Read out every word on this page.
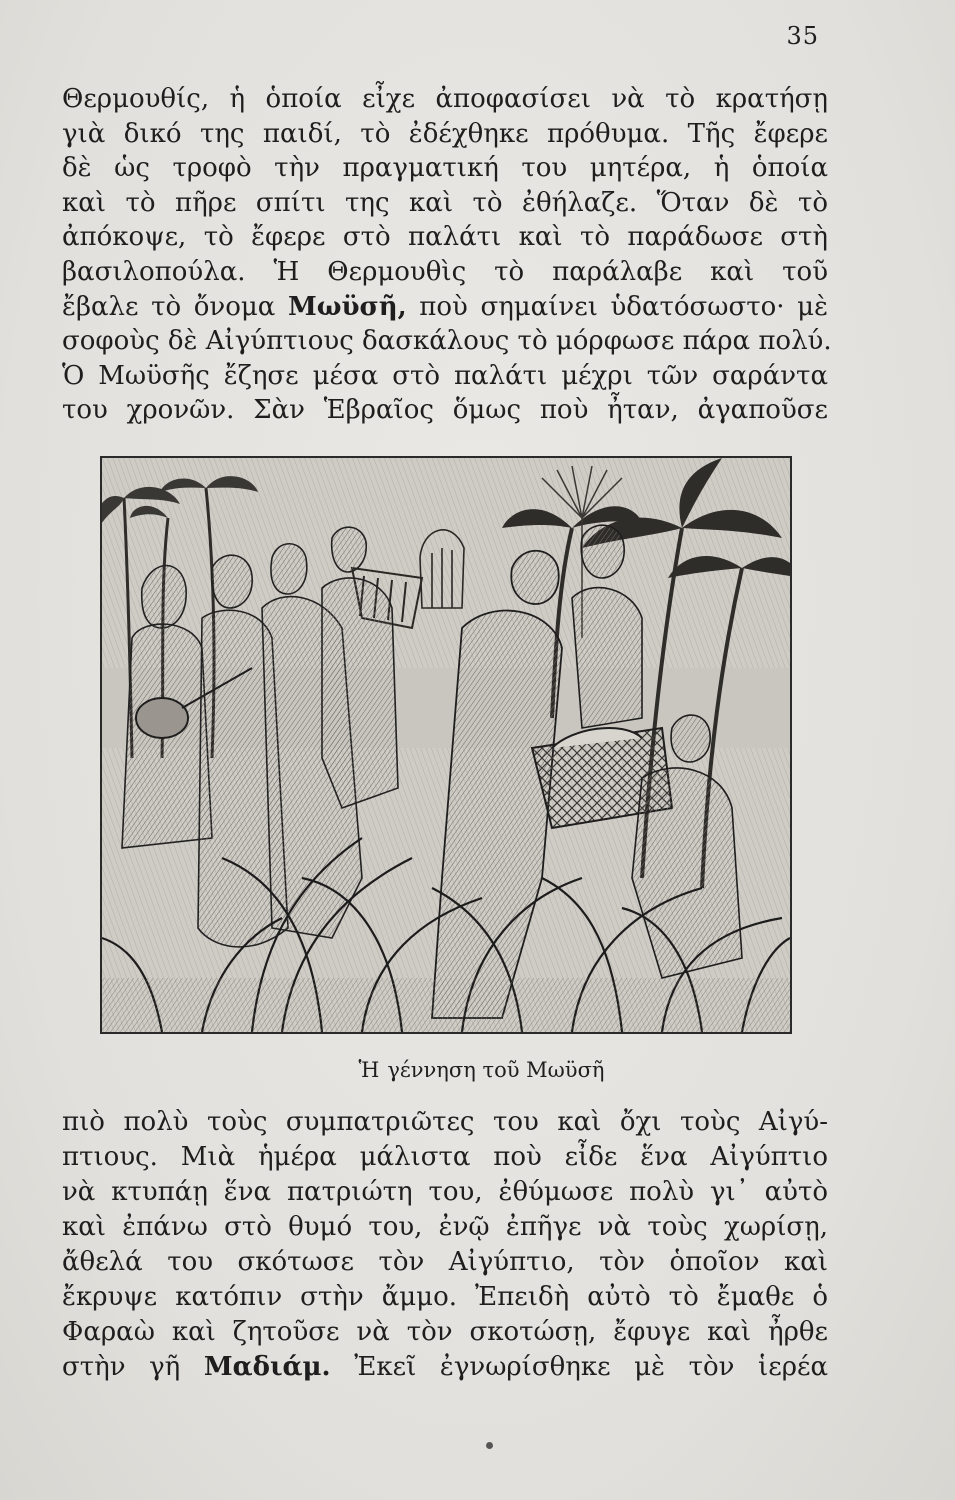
35
Θερμουθίς, ἡ ὁποία εἶχε ἀποφασίσει νὰ τὸ κρατήσῃ
γιὰ δικό της παιδί, τὸ ἐδέχθηκε πρόθυμα. Τῆς ἔφερε
δὲ ὡς τροφὸ τὴν πραγματική του μητέρα, ἡ ὁποία
καὶ τὸ πῆρε σπίτι της καὶ τὸ ἐθήλαζε. Ὅταν δὲ τὸ
ἀπόκοψε, τὸ ἔφερε στὸ παλάτι καὶ τὸ παράδωσε στὴ
βασιλοπούλα. Ἡ Θερμουθὶς τὸ παράλαβε καὶ τοῦ
ἔβαλε τὸ ὄνομα Μωϋσῆ, ποὺ σημαίνει ὑδατόσωστο· μὲ
σοφοὺς δὲ Αἰγύπτιους δασκάλους τὸ μόρφωσε πάρα πολύ.
Ὁ Μωϋσῆς ἔζησε μέσα στὸ παλάτι μέχρι τῶν σαράντα
του χρονῶν. Σὰν Ἑβραῖος ὅμως ποὺ ἦταν, ἀγαποῦσε
Ἡ γέννηση τοῦ Μωϋσῆ
πιὸ πολὺ τοὺς συμπατριῶτες του καὶ ὄχι τοὺς Αἰγύ-
πτιους. Μιὰ ἡμέρα μάλιστα ποὺ εἶδε ἕνα Αἰγύπτιο
νὰ κτυπάῃ ἕνα πατριώτη του, ἐθύμωσε πολὺ γι᾽ αὐτὸ
καὶ ἐπάνω στὸ θυμό του, ἐνῷ ἐπῆγε νὰ τοὺς χωρίσῃ,
ἄθελά του σκότωσε τὸν Αἰγύπτιο, τὸν ὁποῖον καὶ
ἔκρυψε κατόπιν στὴν ἄμμο. Ἐπειδὴ αὐτὸ τὸ ἔμαθε ὁ
Φαραὼ καὶ ζητοῦσε νὰ τὸν σκοτώσῃ, ἔφυγε καὶ ἦρθε
στὴν γῆ Μαδιάμ. Ἐκεῖ ἐγνωρίσθηκε μὲ τὸν ἱερέα
